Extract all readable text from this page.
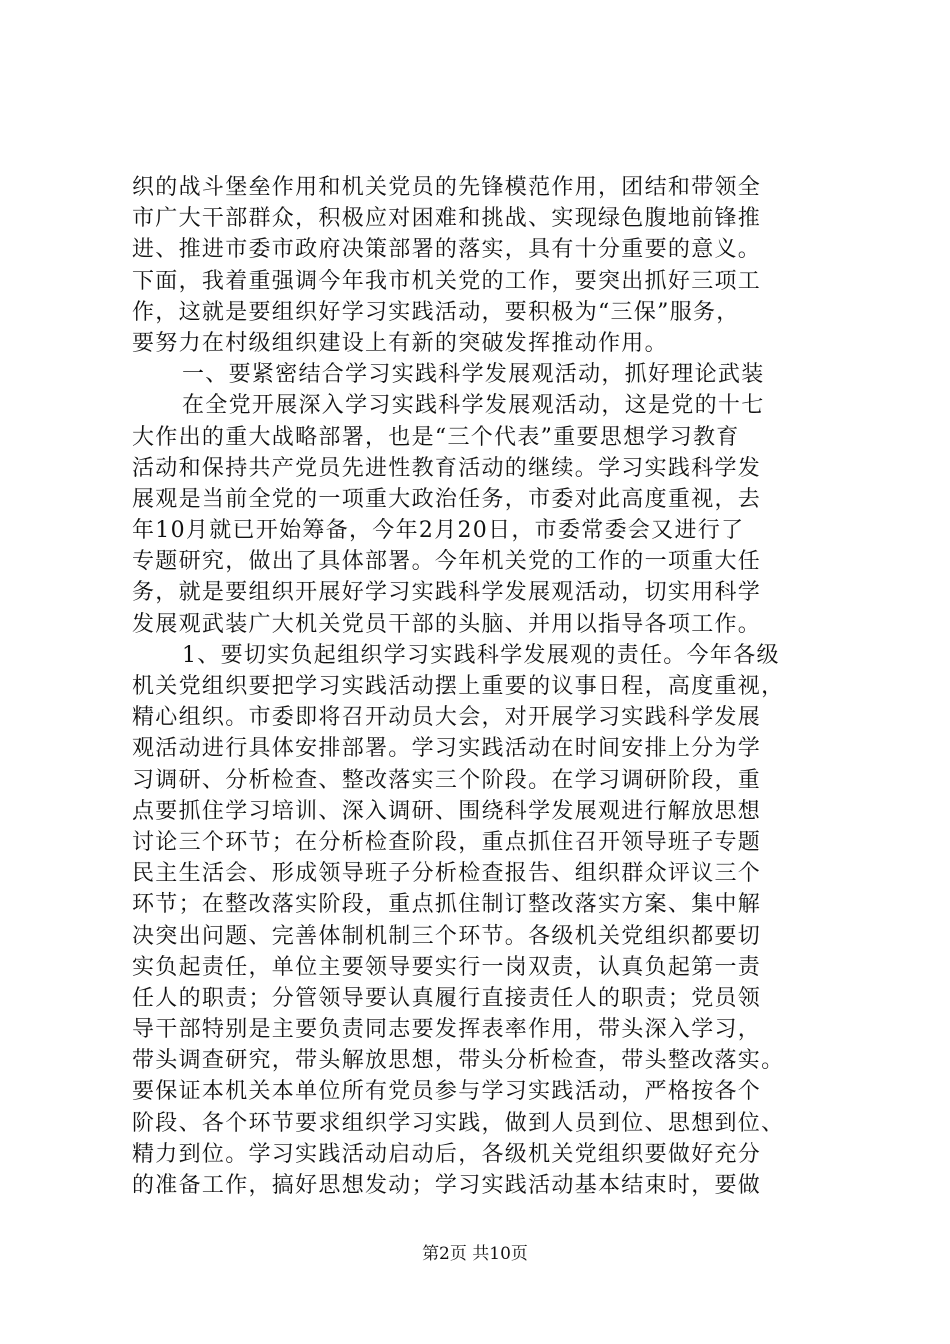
织的战斗堡垒作用和机关党员的先锋模范作用，团结和带领全
市广大干部群众，积极应对困难和挑战、实现绿色腹地前锋推
进、推进市委市政府决策部署的落实，具有十分重要的意义。
下面，我着重强调今年我市机关党的工作，要突出抓好三项工
作，这就是要组织好学习实践活动，要积极为“三保”服务，
要努力在村级组织建设上有新的突破发挥推动作用。
一、要紧密结合学习实践科学发展观活动，抓好理论武装
在全党开展深入学习实践科学发展观活动，这是党的十七
大作出的重大战略部署，也是“三个代表”重要思想学习教育
活动和保持共产党员先进性教育活动的继续。学习实践科学发
展观是当前全党的一项重大政治任务，市委对此高度重视，去
年10月就已开始筹备，今年2月20日，市委常委会又进行了
专题研究，做出了具体部署。今年机关党的工作的一项重大任
务，就是要组织开展好学习实践科学发展观活动，切实用科学
发展观武装广大机关党员干部的头脑、并用以指导各项工作。
1、要切实负起组织学习实践科学发展观的责任。今年各级
机关党组织要把学习实践活动摆上重要的议事日程，高度重视，
精心组织。市委即将召开动员大会，对开展学习实践科学发展
观活动进行具体安排部署。学习实践活动在时间安排上分为学
习调研、分析检查、整改落实三个阶段。在学习调研阶段，重
点要抓住学习培训、深入调研、围绕科学发展观进行解放思想
讨论三个环节；在分析检查阶段，重点抓住召开领导班子专题
民主生活会、形成领导班子分析检查报告、组织群众评议三个
环节；在整改落实阶段，重点抓住制订整改落实方案、集中解
决突出问题、完善体制机制三个环节。各级机关党组织都要切
实负起责任，单位主要领导要实行一岗双责，认真负起第一责
任人的职责；分管领导要认真履行直接责任人的职责；党员领
导干部特别是主要负责同志要发挥表率作用，带头深入学习，
带头调查研究，带头解放思想，带头分析检查，带头整改落实。
要保证本机关本单位所有党员参与学习实践活动，严格按各个
阶段、各个环节要求组织学习实践，做到人员到位、思想到位、
精力到位。学习实践活动启动后，各级机关党组织要做好充分
的准备工作，搞好思想发动；学习实践活动基本结束时，要做
第2页 共10页
